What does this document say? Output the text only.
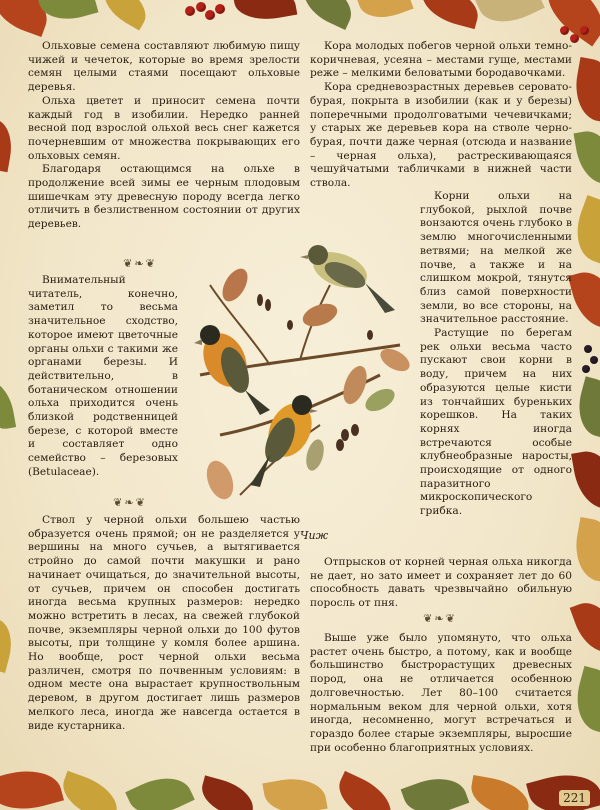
Ольховые семена составляют любимую пищу чижей и чечеток, которые во время зрелости семян целыми стаями посещают ольховые деревья.

Ольха цветет и приносит семена почти каждый год в изобилии. Нередко ранней весной под взрослой ольхой весь снег кажется почерневшим от множества покрывающих его ольховых семян.

Благодаря остающимся на ольхе в продолжение всей зимы ее черным плодовым шишечкам эту древесную породу всегда легко отличить в безлиственном состоянии от других деревьев.

❦❧❦

Внимательный читатель, конечно, заметил то весьма значительное сходство, которое имеют цветочные органы ольхи с такими же органами березы. И действительно, в ботаническом отношении ольха приходится очень близкой родственницей березе, с которой вместе и составляет одно семейство – березовых (Betulaceae).

❦❧❦

Ствол у черной ольхи большею частью образуется очень прямой; он не разделяется у вершины на много сучьев, а вытягивается стройно до самой почти макушки и рано начинает очищаться, до значительной высоты, от сучьев, причем он способен достигать иногда весьма крупных размеров: нередко можно встретить в лесах, на свежей глубокой почве, экземпляры черной ольхи до 100 футов высоты, при толщине у комля более аршина. Но вообще, рост черной ольхи весьма различен, смотря по почвенным условиям: в одном месте она вырастает крупноствольным деревом, в другом достигает лишь размеров мелкого леса, иногда же навсегда остается в виде кустарника.

Кора молодых побегов черной ольхи темно-коричневая, усеяна – местами гуще, местами реже – мелкими беловатыми бородавочками.

Кора средневозрастных деревьев серовато-бурая, покрыта в изобилии (как и у березы) поперечными продолговатыми чечевичками; у старых же деревьев кора на стволе черно-бурая, почти даже черная (отсюда и название – черная ольха), растрескивающаяся чешуйчатыми табличками в нижней части ствола.

Корни ольхи на глубокой, рыхлой почве вонзаются очень глубоко в землю многочисленными ветвями; на мелкой же почве, а также и на слишком мокрой, тянутся близ самой поверхности земли, во все стороны, на значительное расстояние.

Растущие по берегам рек ольхи весьма часто пускают свои корни в воду, причем на них образуются целые кисти из тончайших буреньких корешков. На таких корнях иногда встречаются особые клубнеобразные наросты, происходящие от одного паразитного микроскопического грибка.

Отпрысков от корней черная ольха никогда не дает, но зато имеет и сохраняет лет до 60 способность давать чрезвычайно обильную поросль от пня.

❦❧❦

Выше уже было упомянуто, что ольха растет очень быстро, а потому, как и вообще большинство быстрорастущих древесных пород, она не отличается особенною долговечностью. Лет 80–100 считается нормальным веком для черной ольхи, хотя иногда, несомненно, могут встречаться и гораздо более старые экземпляры, выросшие при особенно благоприятных условиях.

Чиж
221
